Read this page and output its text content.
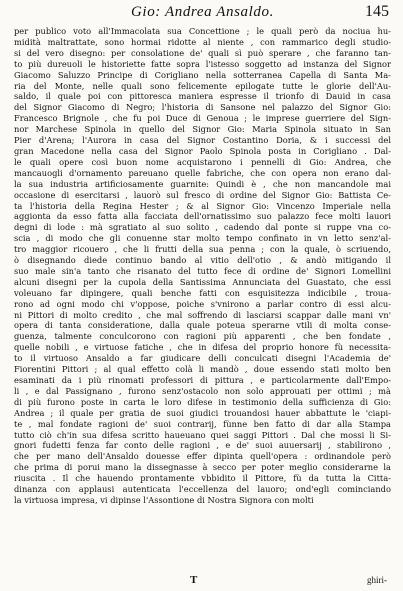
Gio: Andrea Ansaldo.	145
per publico voto all'Immacolata sua Concettione ; le quali però da nociua hu-
midità maltrattate, sono hormai ridotte al niente , con rammarico degli studio-
si del vero disegno: per consolatione de' quali sì può sperare , che faranno tan-
to più dureuoli le historiette fatte sopra l'istesso soggetto ad instanza del Signor
Giacomo Saluzzo Principe di Corigliano nella sotterranea Capella di Santa Ma-
ria del Monte, nelle quali sono felicemente epilogate tutte le glorie dell'Au-
saldo, il quale poi con pittoresca maniera espresse il trionfo di Dauid in casa
del Signor Giacomo di Negro; l'historia di Sansone nel palazzo del Signor Gio:
Francesco Brignole , che fu poi Duce di Genoua ; le imprese guerriere del Sign-
nor Marchese Spinola in quello del Signor Gio: Maria Spinola situato in San
Pier d'Arena; l'Aurora in casa del Signor Costantino Doria, & i successi del
gran Macedone nella casa del Signor Paolo Spinola posta in Corigliano . Dal-
le quali opere così buon nome acquistarono i pennelli di Gio: Andrea, che
mancauogli d'ornamento pareuano quelle fabriche, che con opera non erano dal-
la sua industria artificiosamente guarnite: Quindi è , che non mancandole mai
occasione di esercitarsi , lauorò sul fresco di ordine del Signor Gio: Battista Ce-
ta l'historia della Regina Hester ; & al Signor Gio: Vincenzo Imperiale nella
aggionta da esso fatta alla facciata dell'ornatissimo suo palazzo fece molti lauori
degni di lode : mà sgratiato al suo solito , cadendo dal ponte si ruppe vna co-
scia , di modo che gli conuenne star molto tempo confinato in vn letto senz'al-
tro maggior ricouero , che li frutti della sua penna ; con la quale, ò scriuendo,
ò disegnando diede continuo bando al vitio dell'otio , & andò mitigando il
suo male sin'a tanto che risanato del tutto fece di ordine de' Signori Lomellini
alcuni disegni per la cupola della Santissima Annunciata del Guastato, che essi
voleuano far dipingere, quali benche fatti con esquisitezza indicibile , troua-
rono ad ogni modo chi v'oppose, poiche s'vnirono a parlar contro di essi alcu-
ni Pittori di molto credito , che mal soffrendo di lasciarsi scappar dalle mani vn'
opera di tanta consideratione, dalla quale poteua sperarne vtili di molta conse-
guenza, talmente conculcorono con ragioni più apparenti , che ben fondate ,
quelle nobili , e virtuose fatiche , che in difesa del proprio honore fù necessita-
to il virtuoso Ansaldo a far giudicare delli conculcati disegni l'Academia de'
Fiorentini Pittori ; al qual effetto colà li mandò , doue essendo stati molto ben
esaminati da i più rinomati professori di pittura , e particolarmente dall'Empo-
li , e dal Passignano , furono senz'ostacolo non solo approuati per ottimi ; mà
di più furono poste in carta le loro difese in testimonio della sufficienza di Gio:
Andrea ; il quale per gratia de suoi giudici trouandosi hauer abbattute le 'ciapi-
te , mal fondate ragioni de' suoi contrarij, fùnne ben fatto di dar alla Stampa
tutto ciò ch'in sua difesa scritto haueuano quei saggi Pittori . Dal che mossi li Si-
gnori fudetti fenza far conto delle ragioni , e de' suoi auuersarij , stabilirono ,
che per mano dell'Ansaldo douesse effer dipinta quell'opera : ordinandole però
che prima di porui mano la dissegnasse à secco per poter meglio considerarne la
riuscita . Il che hauendo prontamente vbbidito il Pittore, fù da tutta la Citta-
dinanza con applausi autenticata l'eccellenza del lauoro; ond'egli cominciando
la virtuosa impresa, vi dipinse l'Assontione di Nostra Signora con molti
T	ghiri-
